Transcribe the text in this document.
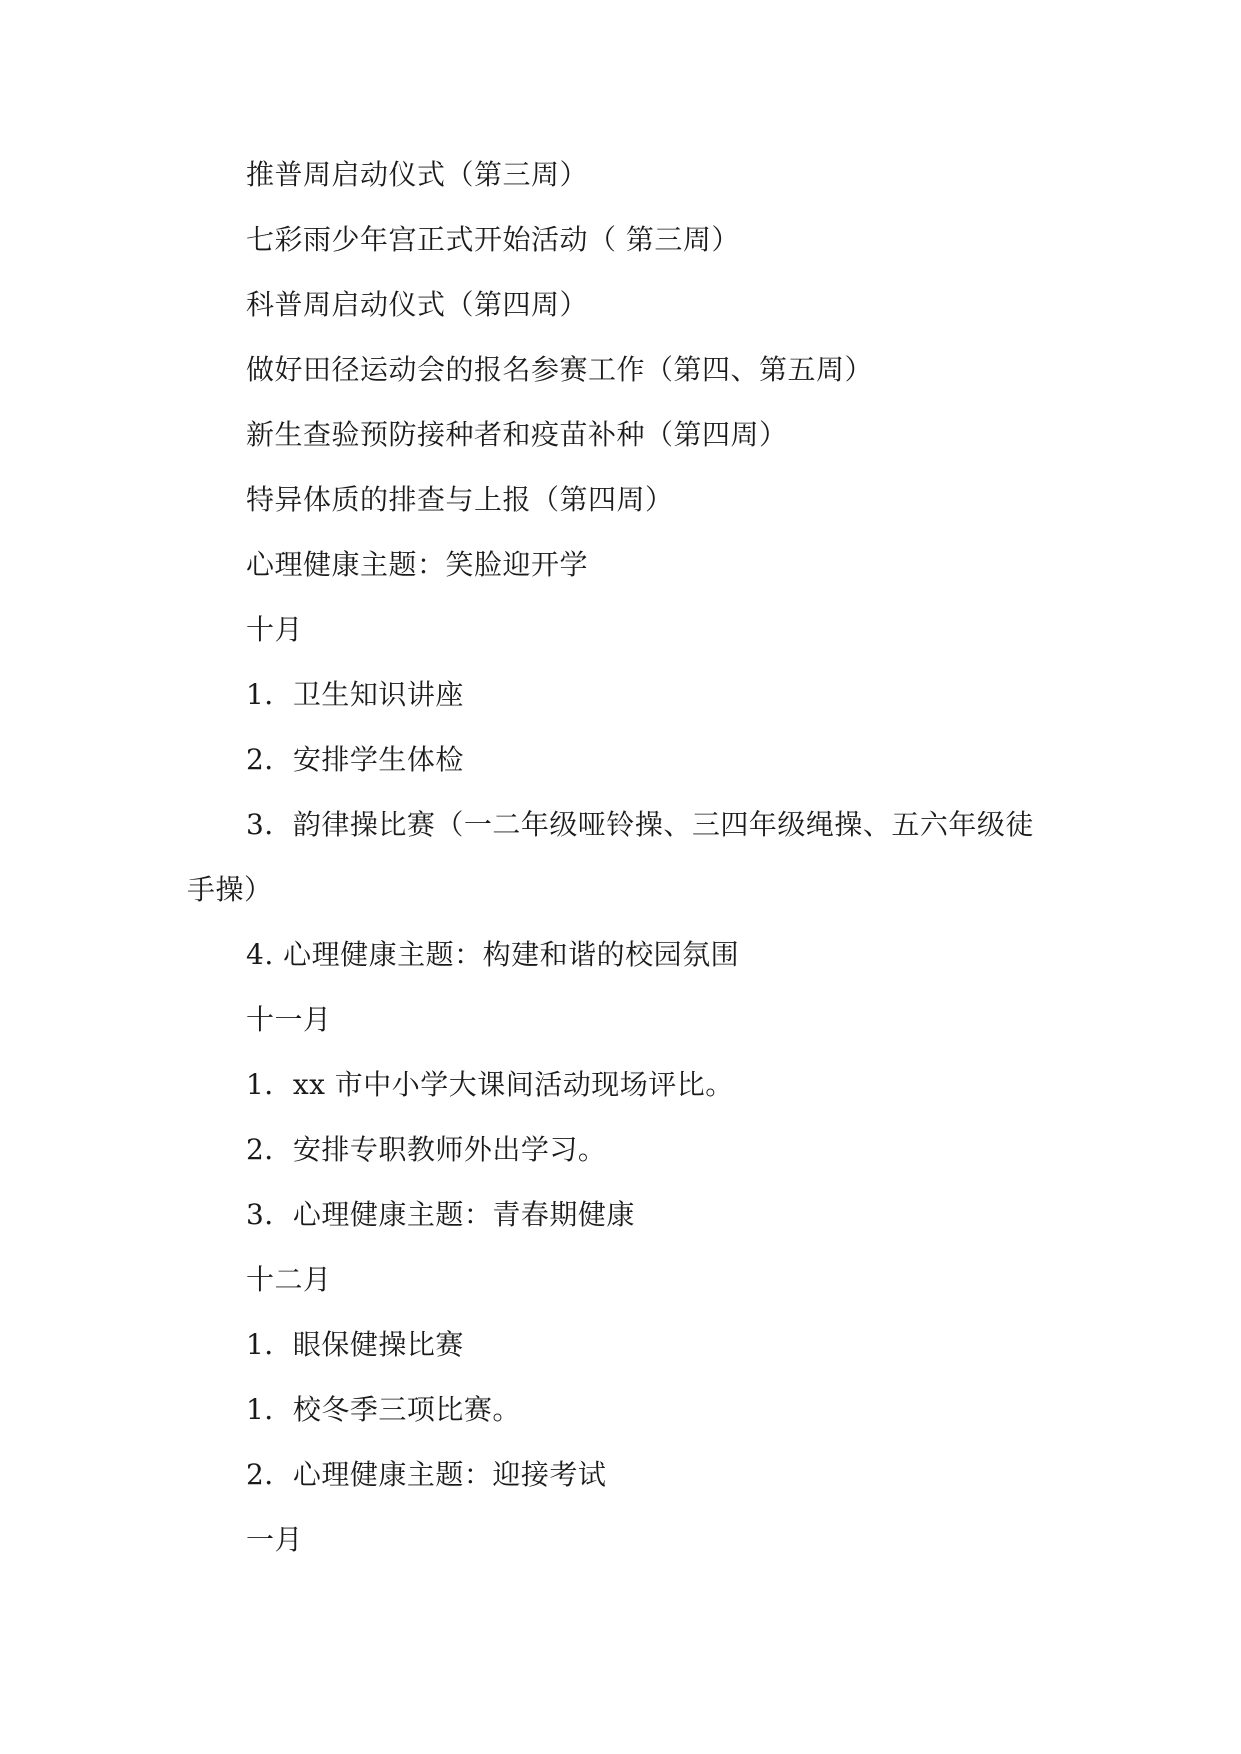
推普周启动仪式（第三周）

七彩雨少年宫正式开始活动（ 第三周）

科普周启动仪式（第四周）

做好田径运动会的报名参赛工作（第四、第五周）

新生查验预防接种者和疫苗补种（第四周）

特异体质的排查与上报（第四周）

心理健康主题：笑脸迎开学

十月

1．卫生知识讲座

2．安排学生体检

3．韵律操比赛（一二年级哑铃操、三四年级绳操、五六年级徒
手操）

4. 心理健康主题：构建和谐的校园氛围

十一月

1．xx 市中小学大课间活动现场评比。

2．安排专职教师外出学习。

3．心理健康主题：青春期健康

十二月

1．眼保健操比赛

1．校冬季三项比赛。

2．心理健康主题：迎接考试

一月
